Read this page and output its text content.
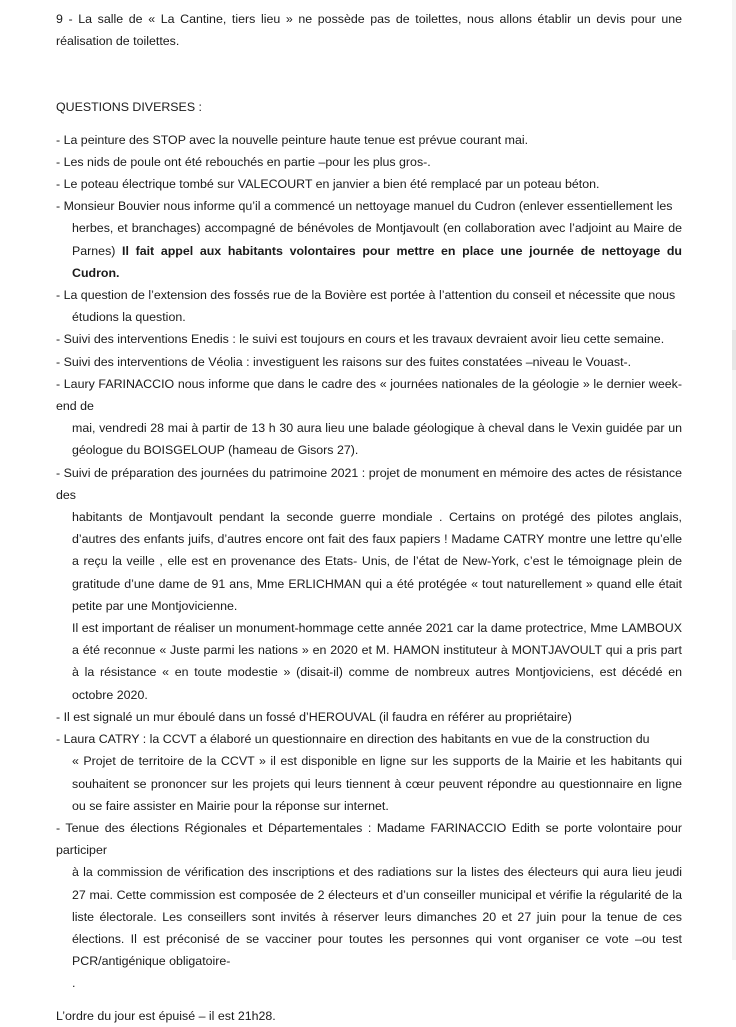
9 - La salle de « La Cantine, tiers lieu » ne possède pas de toilettes, nous allons établir un devis pour une réalisation de toilettes.

QUESTIONS DIVERSES :

- La peinture des STOP avec la nouvelle peinture haute tenue est prévue courant mai.
- Les nids de poule ont été rebouchés en partie –pour les plus gros-.
- Le poteau électrique tombé sur VALECOURT en janvier a bien été remplacé par un poteau béton.
- Monsieur Bouvier nous informe qu’il a commencé un nettoyage manuel du Cudron (enlever essentiellement les
herbes, et branchages) accompagné de bénévoles de Montjavoult (en collaboration avec l’adjoint au Maire de Parnes) Il fait appel aux habitants volontaires pour mettre en place une journée de nettoyage du Cudron.
- La question de l’extension des fossés rue de la Bovière est portée à l’attention du conseil et nécessite que nous
étudions la question.
- Suivi des interventions Enedis : le suivi est toujours en cours et les travaux devraient avoir lieu cette semaine.
- Suivi des interventions de Véolia : investiguent les raisons sur des fuites constatées –niveau le Vouast-.
- Laury FARINACCIO nous informe que dans le cadre des « journées nationales de la géologie » le dernier week-end de
mai, vendredi 28 mai à partir de 13 h 30 aura lieu une balade géologique à cheval dans le Vexin guidée par un géologue du BOISGELOUP (hameau de Gisors 27).
- Suivi de préparation des journées du patrimoine 2021 : projet de monument en mémoire des actes de résistance des
habitants de Montjavoult pendant la seconde guerre mondiale . Certains on protégé des pilotes anglais, d’autres des enfants juifs, d’autres encore ont fait des faux papiers ! Madame CATRY montre une lettre qu’elle a reçu la veille , elle est en provenance des Etats- Unis, de l’état de New-York, c’est le témoignage plein de gratitude d’une dame de 91 ans, Mme ERLICHMAN qui a été protégée « tout naturellement » quand elle était petite par une Montjovicienne.
Il est important de réaliser un monument-hommage cette année 2021 car la dame protectrice, Mme LAMBOUX a été reconnue « Juste parmi les nations » en 2020 et M. HAMON instituteur à MONTJAVOULT qui a pris part à la résistance « en toute modestie » (disait-il) comme de nombreux autres Montjoviciens, est décédé en octobre 2020.
- Il est signalé un mur éboulé dans un fossé d’HEROUVAL (il faudra en référer au propriétaire)
- Laura CATRY : la CCVT a élaboré un questionnaire en direction des habitants en vue de la construction du
« Projet de territoire de la CCVT » il est disponible en ligne sur les supports de la Mairie et les habitants qui souhaitent se prononcer sur les projets qui leurs tiennent à cœur peuvent répondre au questionnaire en ligne ou se faire assister en Mairie pour la réponse sur internet.
- Tenue des élections Régionales et Départementales : Madame FARINACCIO Edith se porte volontaire pour participer
à la commission de vérification des inscriptions et des radiations sur la listes des électeurs qui aura lieu jeudi 27 mai. Cette commission est composée de 2 électeurs et d’un conseiller municipal et vérifie la régularité de la liste électorale. Les conseillers sont invités à réserver leurs dimanches 20 et 27 juin pour la tenue de ces élections. Il est préconisé de se vacciner pour toutes les personnes qui vont organiser ce vote –ou test PCR/antigénique obligatoire-

.

L’ordre du jour est épuisé – il est 21h28.
